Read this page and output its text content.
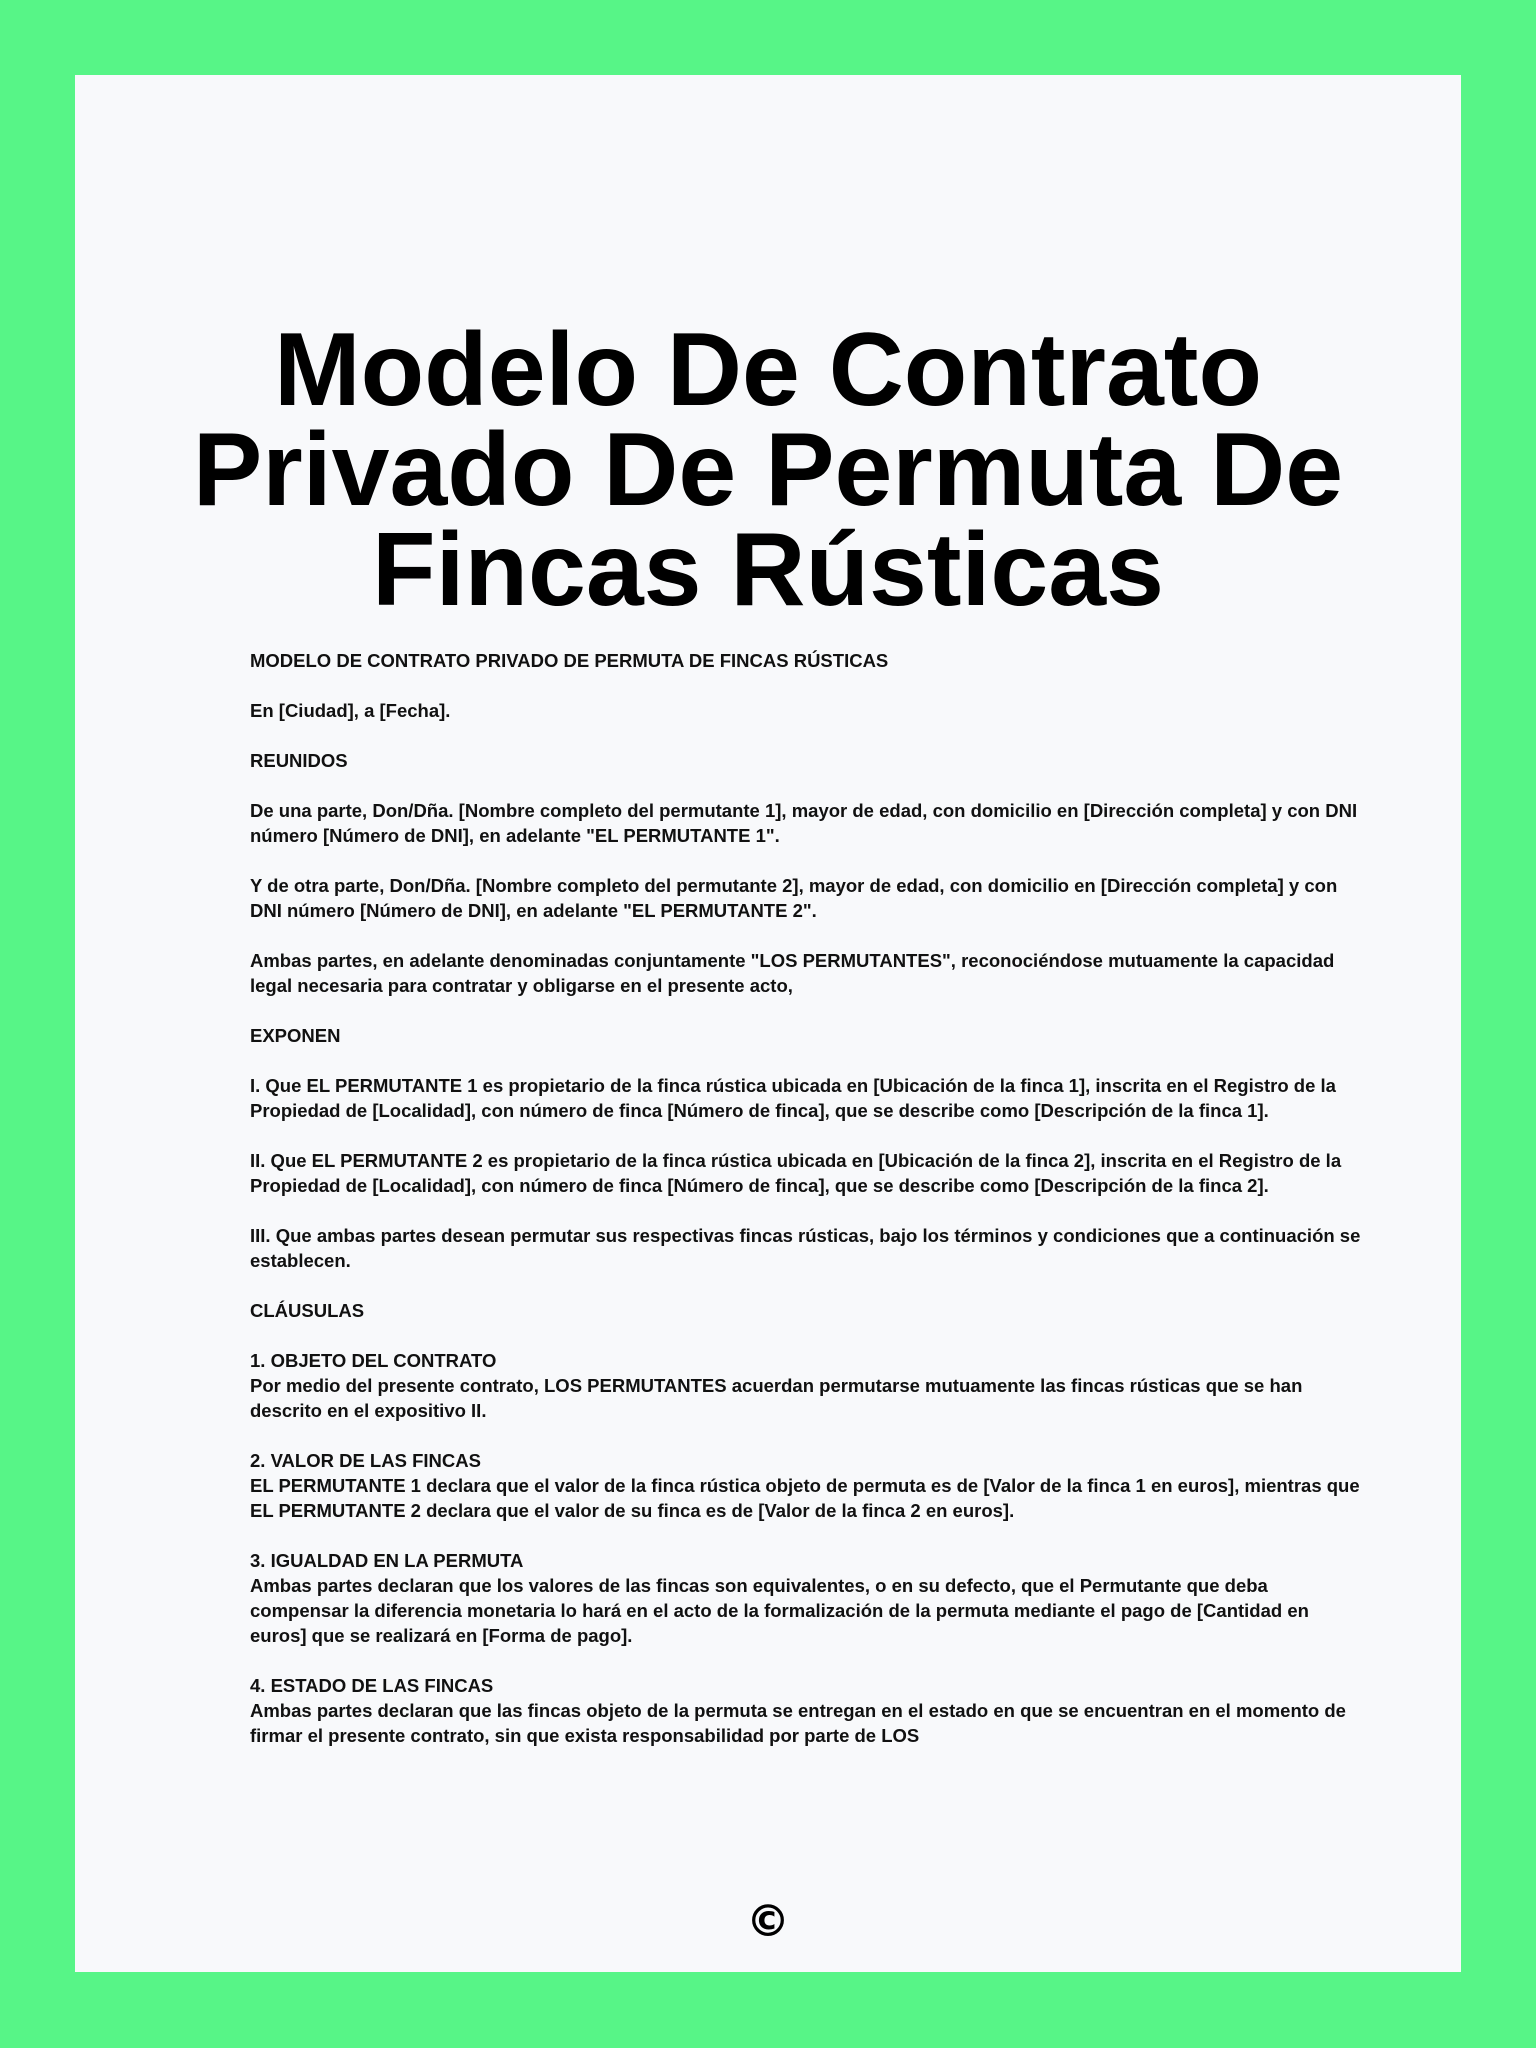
Modelo De Contrato Privado De Permuta De Fincas Rústicas

MODELO DE CONTRATO PRIVADO DE PERMUTA DE FINCAS RÚSTICAS

En [Ciudad], a [Fecha].

REUNIDOS

De una parte, Don/Dña. [Nombre completo del permutante 1], mayor de edad, con domicilio en [Dirección completa] y con DNI número [Número de DNI], en adelante "EL PERMUTANTE 1".

Y de otra parte, Don/Dña. [Nombre completo del permutante 2], mayor de edad, con domicilio en [Dirección completa] y con DNI número [Número de DNI], en adelante "EL PERMUTANTE 2".

Ambas partes, en adelante denominadas conjuntamente "LOS PERMUTANTES", reconociéndose mutuamente la capacidad legal necesaria para contratar y obligarse en el presente acto,

EXPONEN

I. Que EL PERMUTANTE 1 es propietario de la finca rústica ubicada en [Ubicación de la finca 1], inscrita en el Registro de la Propiedad de [Localidad], con número de finca [Número de finca], que se describe como [Descripción de la finca 1].

II. Que EL PERMUTANTE 2 es propietario de la finca rústica ubicada en [Ubicación de la finca 2], inscrita en el Registro de la Propiedad de [Localidad], con número de finca [Número de finca], que se describe como [Descripción de la finca 2].

III. Que ambas partes desean permutar sus respectivas fincas rústicas, bajo los términos y condiciones que a continuación se establecen.

CLÁUSULAS

1. OBJETO DEL CONTRATO

Por medio del presente contrato, LOS PERMUTANTES acuerdan permutarse mutuamente las fincas rústicas que se han descrito en el expositivo II.

2. VALOR DE LAS FINCAS

EL PERMUTANTE 1 declara que el valor de la finca rústica objeto de permuta es de [Valor de la finca 1 en euros], mientras que EL PERMUTANTE 2 declara que el valor de su finca es de [Valor de la finca 2 en euros].

3. IGUALDAD EN LA PERMUTA

Ambas partes declaran que los valores de las fincas son equivalentes, o en su defecto, que el Permutante que deba compensar la diferencia monetaria lo hará en el acto de la formalización de la permuta mediante el pago de [Cantidad en euros] que se realizará en [Forma de pago].

4. ESTADO DE LAS FINCAS

Ambas partes declaran que las fincas objeto de la permuta se entregan en el estado en que se encuentran en el momento de firmar el presente contrato, sin que exista responsabilidad por parte de LOS

©
